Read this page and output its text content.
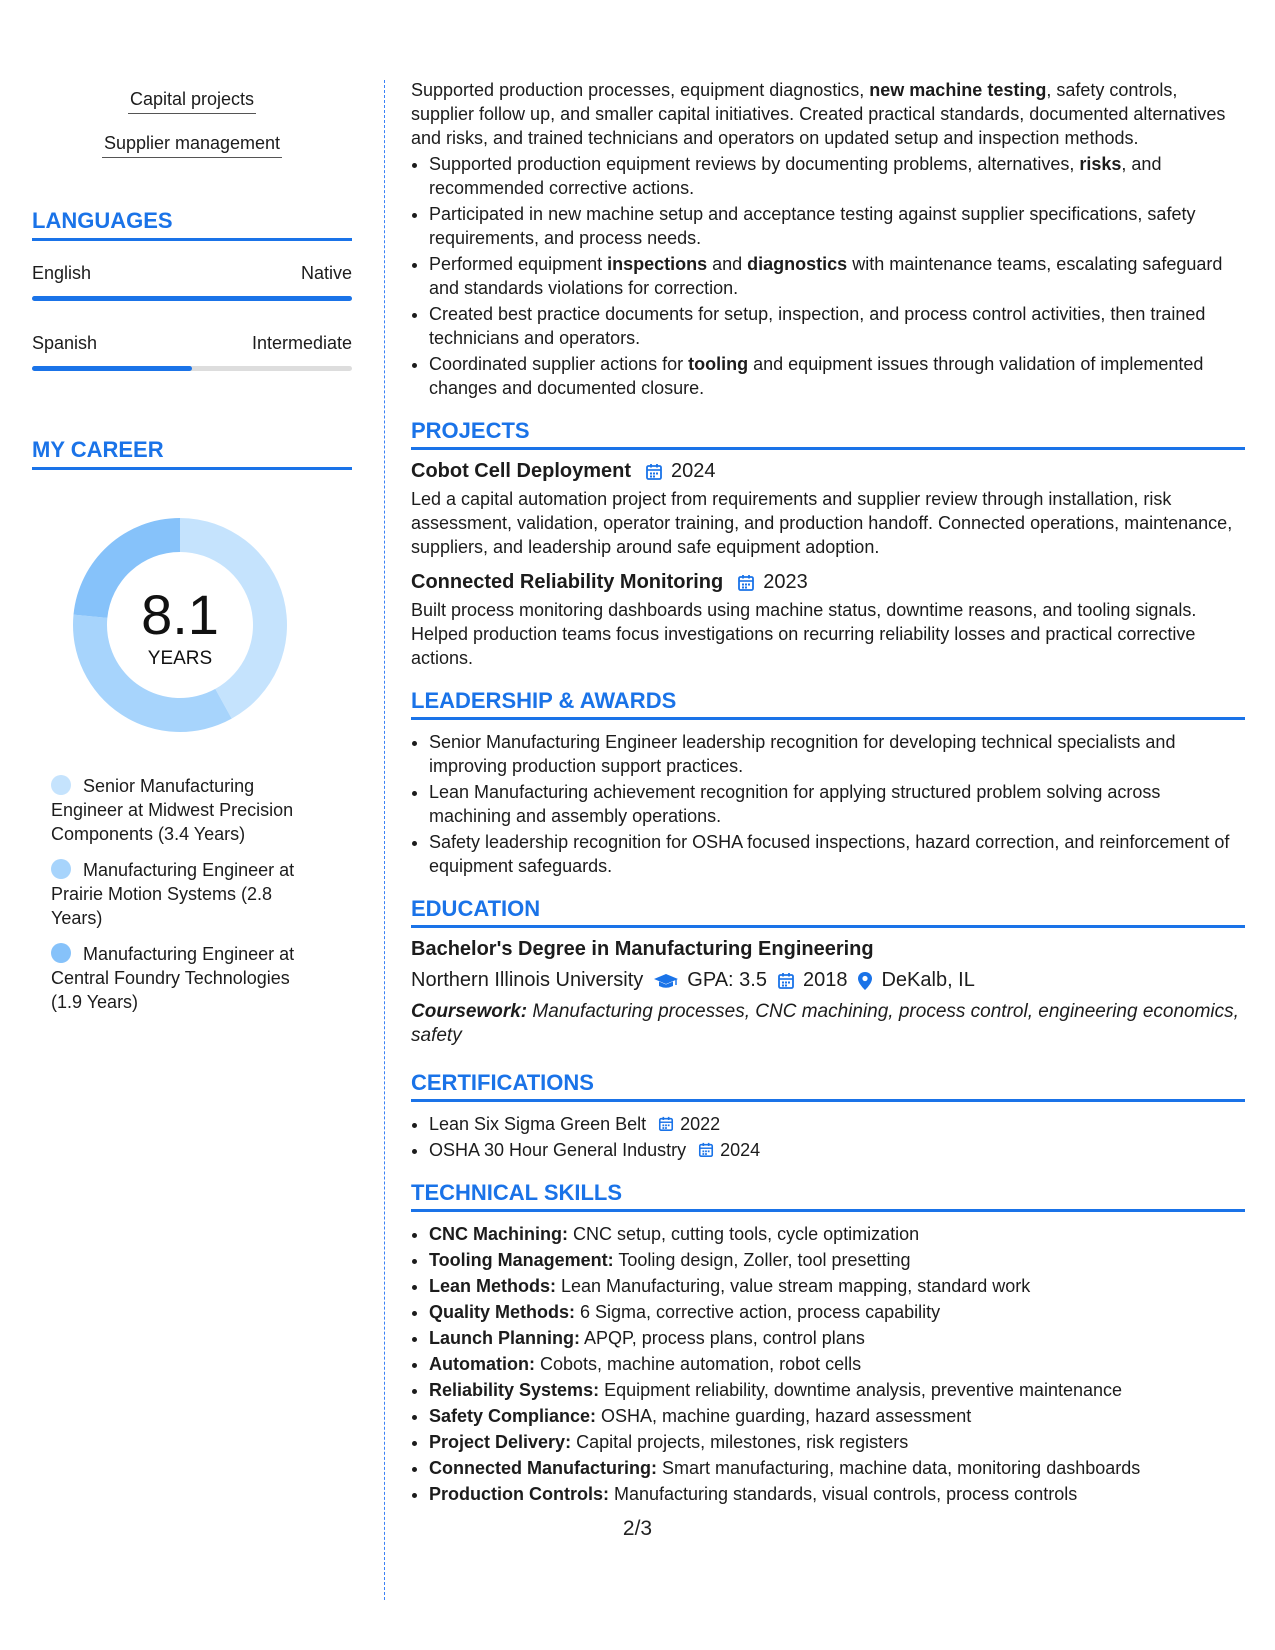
Capital projects
Supplier management
LANGUAGES
English	Native
Spanish	Intermediate
MY CAREER
8.1
YEARS
Senior Manufacturing Engineer at Midwest Precision Components (3.4 Years)
Manufacturing Engineer at Prairie Motion Systems (2.8 Years)
Manufacturing Engineer at Central Foundry Technologies (1.9 Years)

Supported production processes, equipment diagnostics, new machine testing, safety controls, supplier follow up, and smaller capital initiatives. Created practical standards, documented alternatives and risks, and trained technicians and operators on updated setup and inspection methods.

• Supported production equipment reviews by documenting problems, alternatives, risks, and recommended corrective actions.
• Participated in new machine setup and acceptance testing against supplier specifications, safety requirements, and process needs.
• Performed equipment inspections and diagnostics with maintenance teams, escalating safeguard and standards violations for correction.
• Created best practice documents for setup, inspection, and process control activities, then trained technicians and operators.
• Coordinated supplier actions for tooling and equipment issues through validation of implemented changes and documented closure.
PROJECTS
Cobot Cell Deployment 2024

Led a capital automation project from requirements and supplier review through installation, risk assessment, validation, operator training, and production handoff. Connected operations, maintenance, suppliers, and leadership around safe equipment adoption.

Connected Reliability Monitoring 2023

Built process monitoring dashboards using machine status, downtime reasons, and tooling signals. Helped production teams focus investigations on recurring reliability losses and practical corrective actions.

LEADERSHIP & AWARDS
• Senior Manufacturing Engineer leadership recognition for developing technical specialists and improving production support practices.
• Lean Manufacturing achievement recognition for applying structured problem solving across machining and assembly operations.
• Safety leadership recognition for OSHA focused inspections, hazard correction, and reinforcement of equipment safeguards.
EDUCATION
Bachelor's Degree in Manufacturing Engineering
Northern Illinois University GPA: 3.5 2018 DeKalb, IL

Coursework: Manufacturing processes, CNC machining, process control, engineering economics, safety

CERTIFICATIONS
• Lean Six Sigma Green Belt 2022
• OSHA 30 Hour General Industry 2024
TECHNICAL SKILLS
• CNC Machining: CNC setup, cutting tools, cycle optimization
• Tooling Management: Tooling design, Zoller, tool presetting
• Lean Methods: Lean Manufacturing, value stream mapping, standard work
• Quality Methods: 6 Sigma, corrective action, process capability
• Launch Planning: APQP, process plans, control plans
• Automation: Cobots, machine automation, robot cells
• Reliability Systems: Equipment reliability, downtime analysis, preventive maintenance
• Safety Compliance: OSHA, machine guarding, hazard assessment
• Project Delivery: Capital projects, milestones, risk registers
• Connected Manufacturing: Smart manufacturing, machine data, monitoring dashboards
• Production Controls: Manufacturing standards, visual controls, process controls
2/3
